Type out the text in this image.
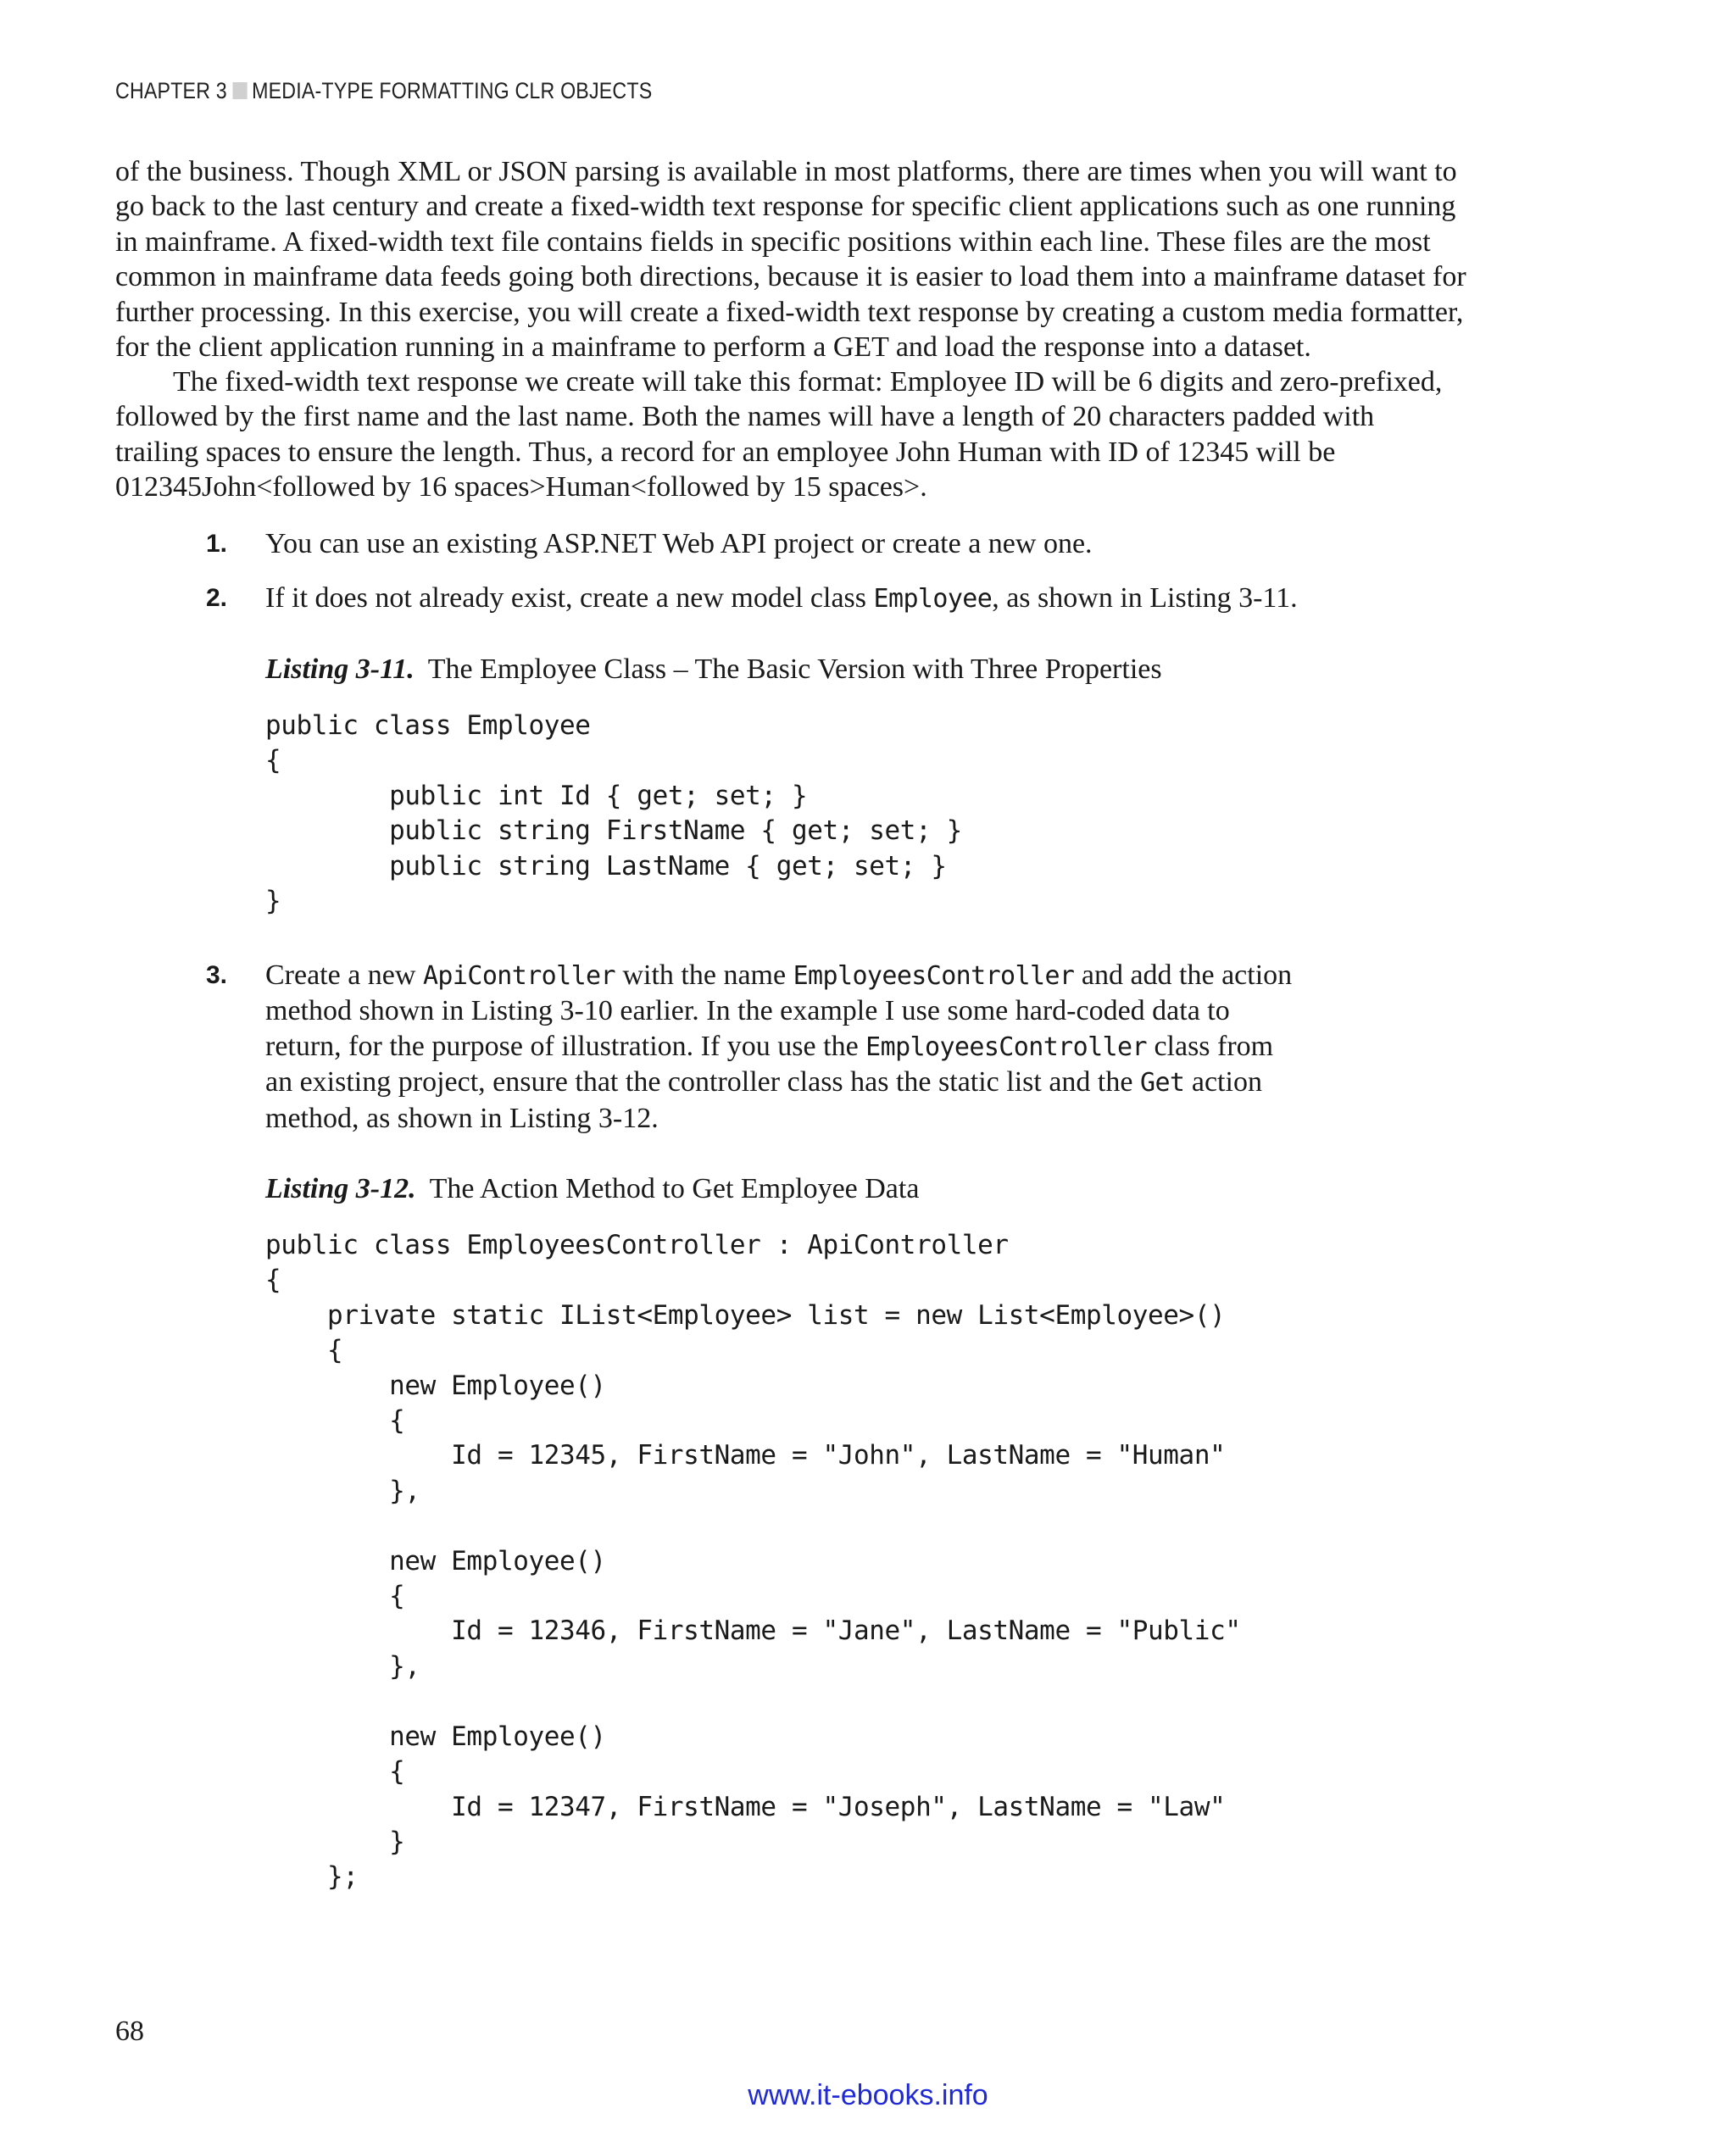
CHAPTER 3 MEDIA-TYPE FORMATTING CLR OBJECTS
of the business. Though XML or JSON parsing is available in most platforms, there are times when you will want to
go back to the last century and create a fixed-width text response for specific client applications such as one running
in mainframe. A fixed-width text file contains fields in specific positions within each line. These files are the most
common in mainframe data feeds going both directions, because it is easier to load them into a mainframe dataset for
further processing. In this exercise, you will create a fixed-width text response by creating a custom media formatter,
for the client application running in a mainframe to perform a GET and load the response into a dataset.
The fixed-width text response we create will take this format: Employee ID will be 6 digits and zero-prefixed,
followed by the first name and the last name. Both the names will have a length of 20 characters padded with
trailing spaces to ensure the length. Thus, a record for an employee John Human with ID of 12345 will be
012345John<followed by 16 spaces>Human<followed by 15 spaces>.
1. You can use an existing ASP.NET Web API project or create a new one.
2. If it does not already exist, create a new model class Employee, as shown in Listing 3-11.
Listing 3-11. The Employee Class – The Basic Version with Three Properties
public class Employee
{
public int Id { get; set; }
public string FirstName { get; set; }
public string LastName { get; set; }
}
3. Create a new ApiController with the name EmployeesController and add the action
method shown in Listing 3-10 earlier. In the example I use some hard-coded data to
return, for the purpose of illustration. If you use the EmployeesController class from
an existing project, ensure that the controller class has the static list and the Get action
method, as shown in Listing 3-12.
Listing 3-12. The Action Method to Get Employee Data
public class EmployeesController : ApiController
{
private static IList<Employee> list = new List<Employee>()
{
new Employee()
{
Id = 12345, FirstName = "John", LastName = "Human"
},

new Employee()
{
Id = 12346, FirstName = "Jane", LastName = "Public"
},

new Employee()
{
Id = 12347, FirstName = "Joseph", LastName = "Law"
}
};
68
www.it-ebooks.info
